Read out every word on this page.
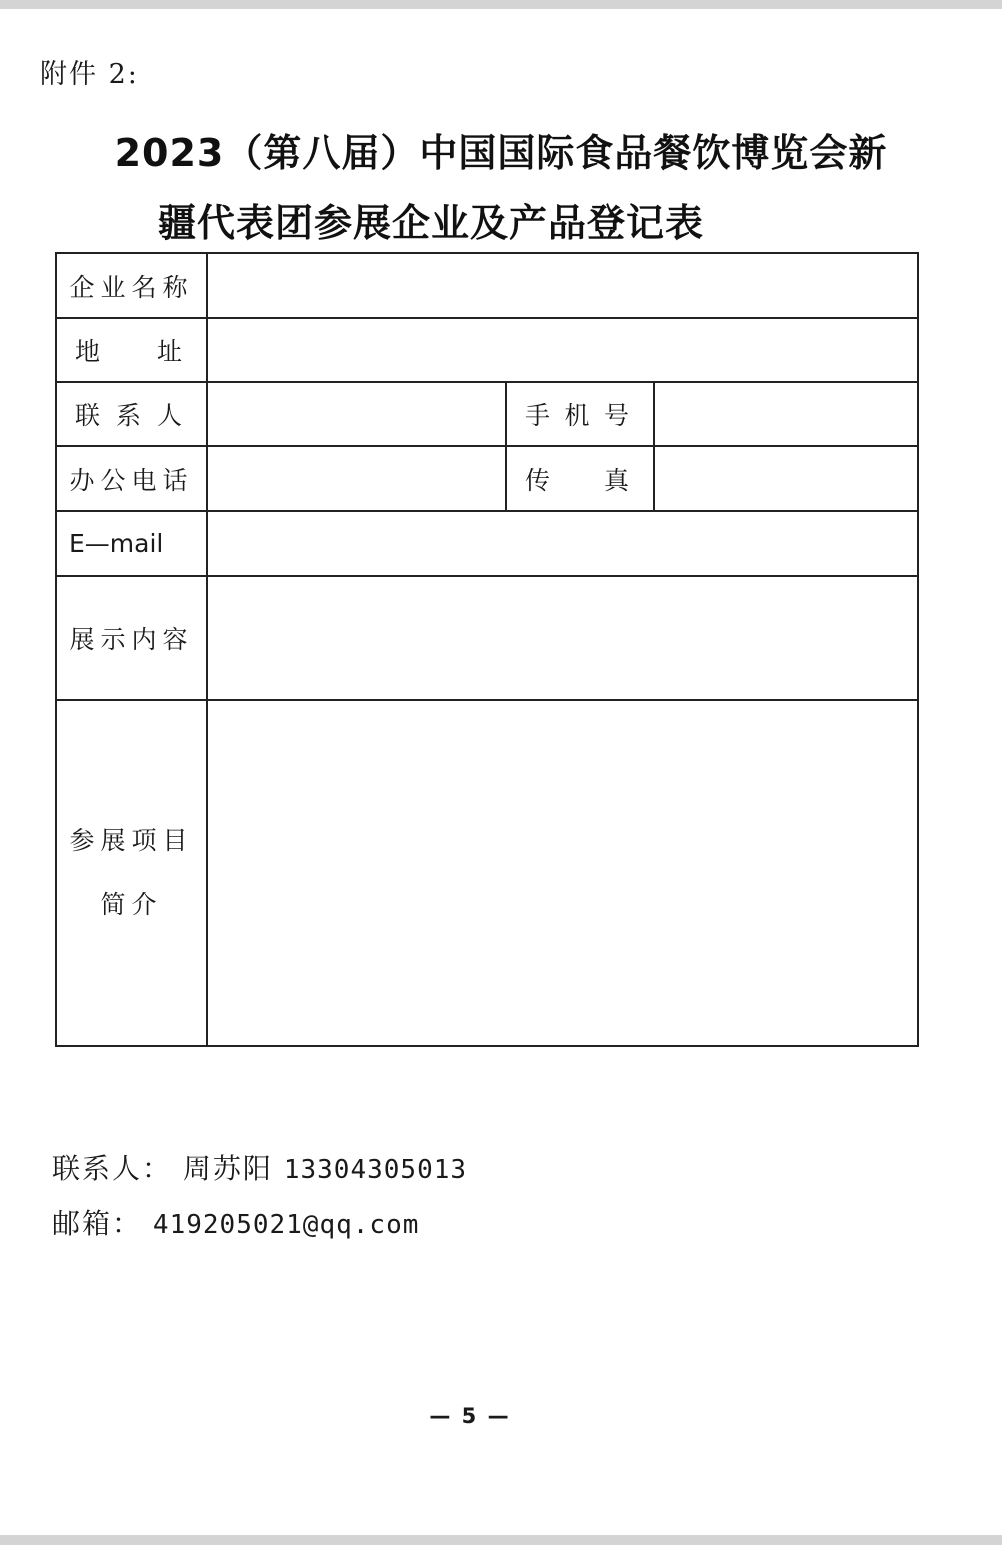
附件 2:
2023（第八届）中国国际食品餐饮博览会新
疆代表团参展企业及产品登记表
企业名称			
地 址			
联系人		手机号	
办公电话		传 真	
E—mail			
展示内容			

参展项目
简介			

联系人： 周苏阳 13304305013
邮箱： 419205021@qq.com
— 5 —
